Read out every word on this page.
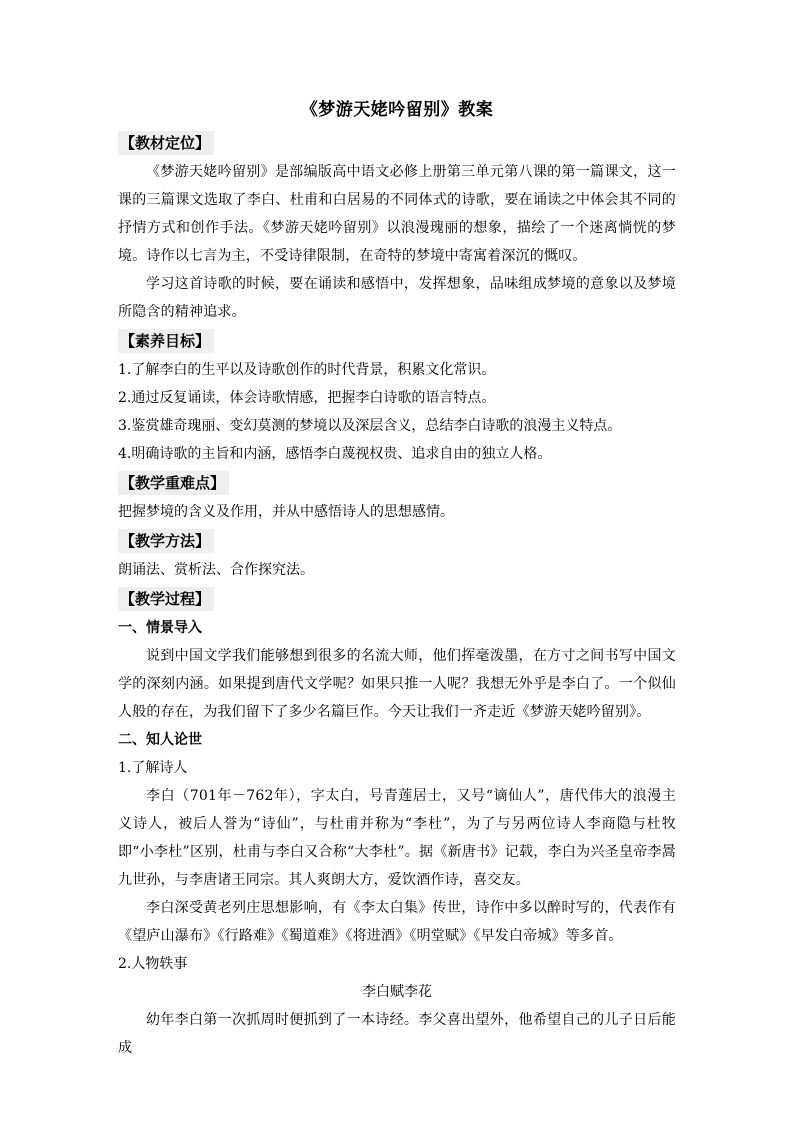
《梦游天姥吟留别》教案
【教材定位】

《梦游天姥吟留别》是部编版高中语文必修上册第三单元第八课的第一篇课文，这一课的三篇课文选取了李白、杜甫和白居易的不同体式的诗歌，要在诵读之中体会其不同的抒情方式和创作手法。《梦游天姥吟留别》以浪漫瑰丽的想象，描绘了一个迷离惝恍的梦境。诗作以七言为主，不受诗律限制，在奇特的梦境中寄寓着深沉的慨叹。

学习这首诗歌的时候，要在诵读和感悟中，发挥想象，品味组成梦境的意象以及梦境所隐含的精神追求。

【素养目标】

1.了解李白的生平以及诗歌创作的时代背景，积累文化常识。

2.通过反复诵读，体会诗歌情感，把握李白诗歌的语言特点。

3.鉴赏雄奇瑰丽、变幻莫测的梦境以及深层含义，总结李白诗歌的浪漫主义特点。

4.明确诗歌的主旨和内涵，感悟李白蔑视权贵、追求自由的独立人格。

【教学重难点】

把握梦境的含义及作用，并从中感悟诗人的思想感情。

【教学方法】

朗诵法、赏析法、合作探究法。

【教学过程】

一、情景导入

说到中国文学我们能够想到很多的名流大师，他们挥毫泼墨，在方寸之间书写中国文学的深刻内涵。如果提到唐代文学呢？如果只推一人呢？我想无外乎是李白了。一个似仙人般的存在，为我们留下了多少名篇巨作。今天让我们一齐走近《梦游天姥吟留别》。

二、知人论世

1.了解诗人

李白（701年－762年），字太白，号青莲居士，又号“谪仙人”，唐代伟大的浪漫主义诗人，被后人誉为“诗仙”，与杜甫并称为“李杜”，为了与另两位诗人李商隐与杜牧即“小李杜”区别，杜甫与李白又合称“大李杜”。据《新唐书》记载，李白为兴圣皇帝李暠九世孙，与李唐诸王同宗。其人爽朗大方，爱饮酒作诗，喜交友。

李白深受黄老列庄思想影响，有《李太白集》传世，诗作中多以醉时写的，代表作有《望庐山瀑布》《行路难》《蜀道难》《将进酒》《明堂赋》《早发白帝城》等多首。

2.人物轶事

李白赋李花

幼年李白第一次抓周时便抓到了一本诗经。李父喜出望外，他希望自己的儿子日后能成
